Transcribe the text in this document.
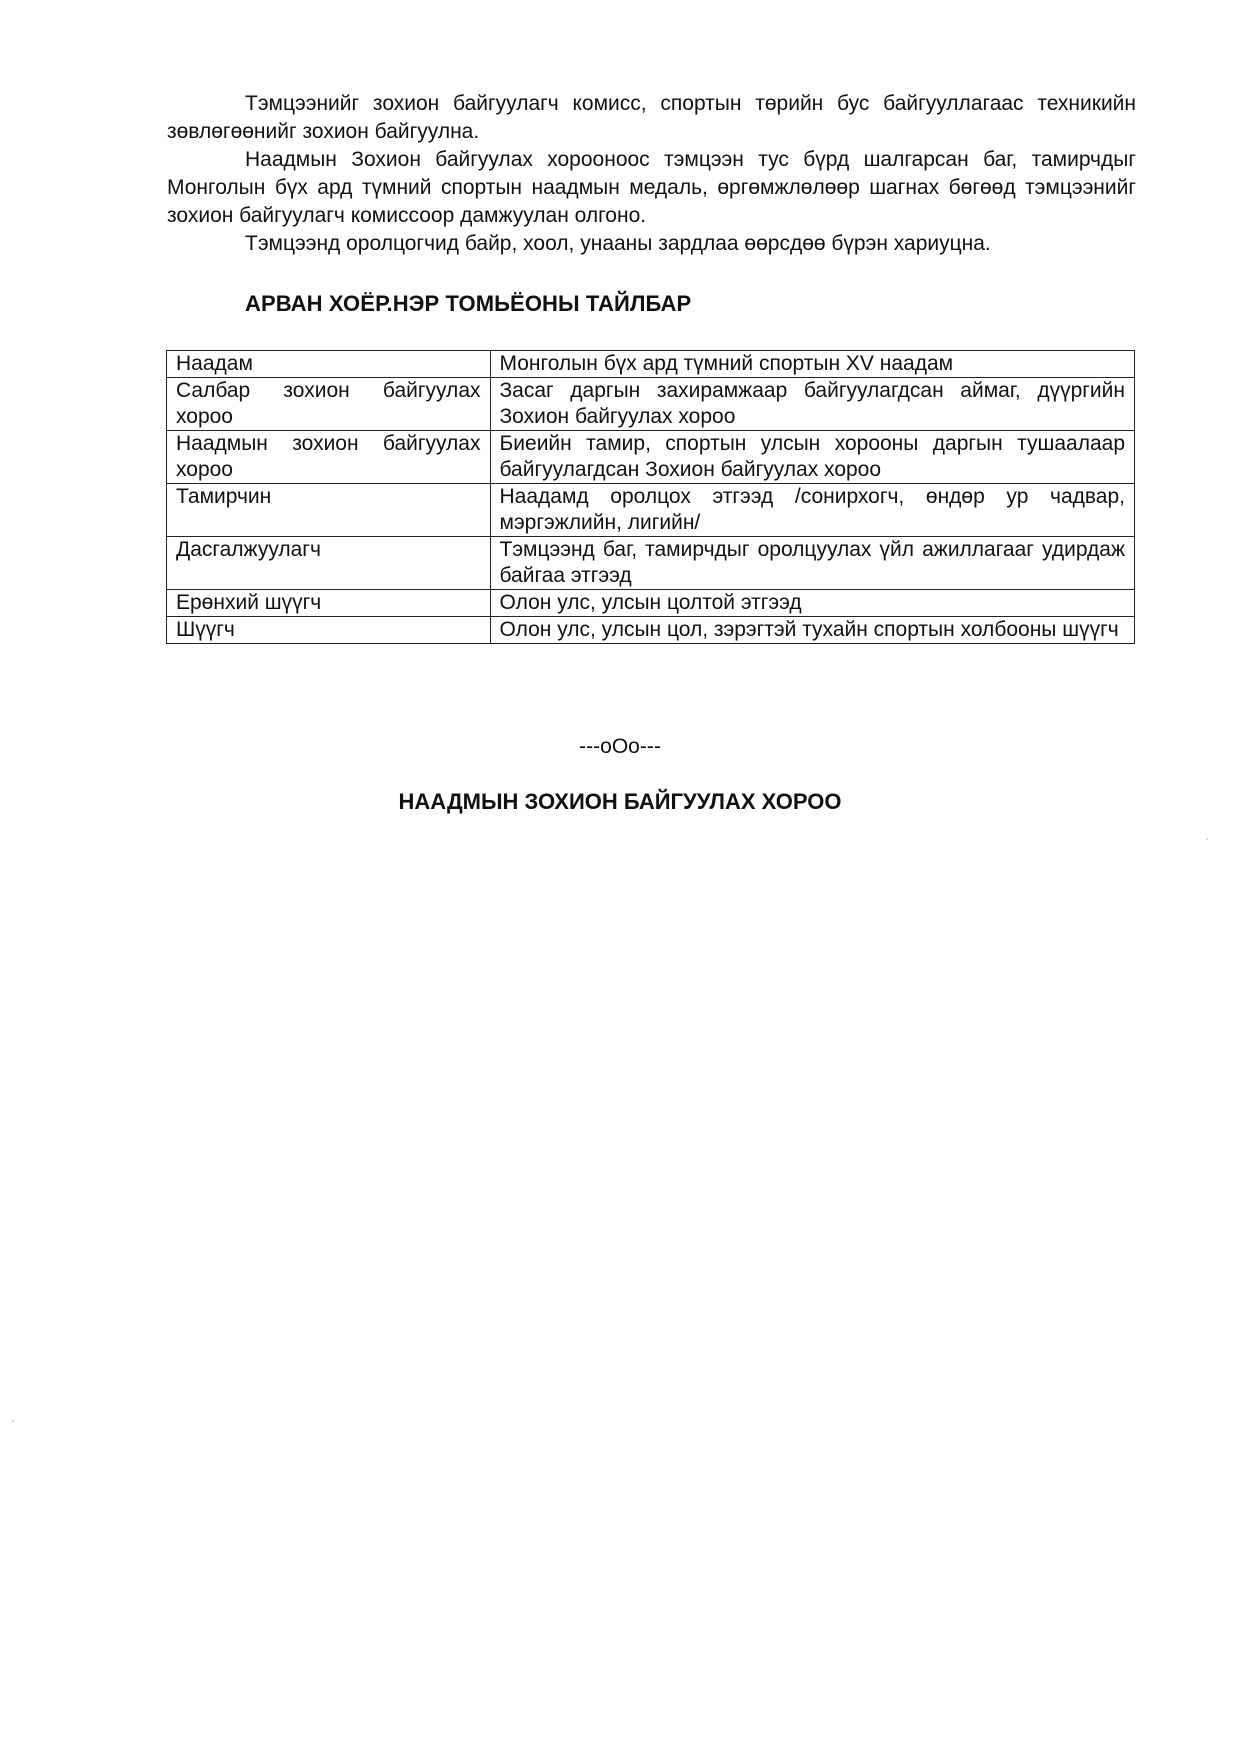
Тэмцээнийг зохион байгуулагч комисс, спортын төрийн бус байгууллагаас техникийн зөвлөгөөнийг зохион байгуулна.

Наадмын Зохион байгуулах хорооноос тэмцээн тус бүрд шалгарсан баг, тамирчдыг Монголын бүх ард түмний спортын наадмын медаль, өргөмжлөлөөр шагнах бөгөөд тэмцээнийг зохион байгуулагч комиссоор дамжуулан олгоно.

Тэмцээнд оролцогчид байр, хоол, унааны зардлаа өөрсдөө бүрэн хариуцна.

АРВАН ХОЁР.НЭР ТОМЬЁОНЫ ТАЙЛБАР
Наадам	Монголын бүх ард түмний спортын XV наадам
Салбар зохион байгуулах хороо	Засаг даргын захирамжаар байгуулагдсан аймаг, дүүргийн Зохион байгуулах хороо
Наадмын зохион байгуулах хороо	Биеийн тамир, спортын улсын хорооны даргын тушаалаар байгуулагдсан Зохион байгуулах хороо
Тамирчин	Наадамд оролцох этгээд /сонирхогч, өндөр ур чадвар, мэргэжлийн, лигийн/
Дасгалжуулагч	Тэмцээнд баг, тамирчдыг оролцуулах үйл ажиллагааг удирдаж байгаа этгээд
Ерөнхий шүүгч	Олон улс, улсын цолтой этгээд
Шүүгч	Олон улс, улсын цол, зэрэгтэй тухайн спортын холбооны шүүгч

---oOo---

НААДМЫН ЗОХИОН БАЙГУУЛАХ ХОРОО
